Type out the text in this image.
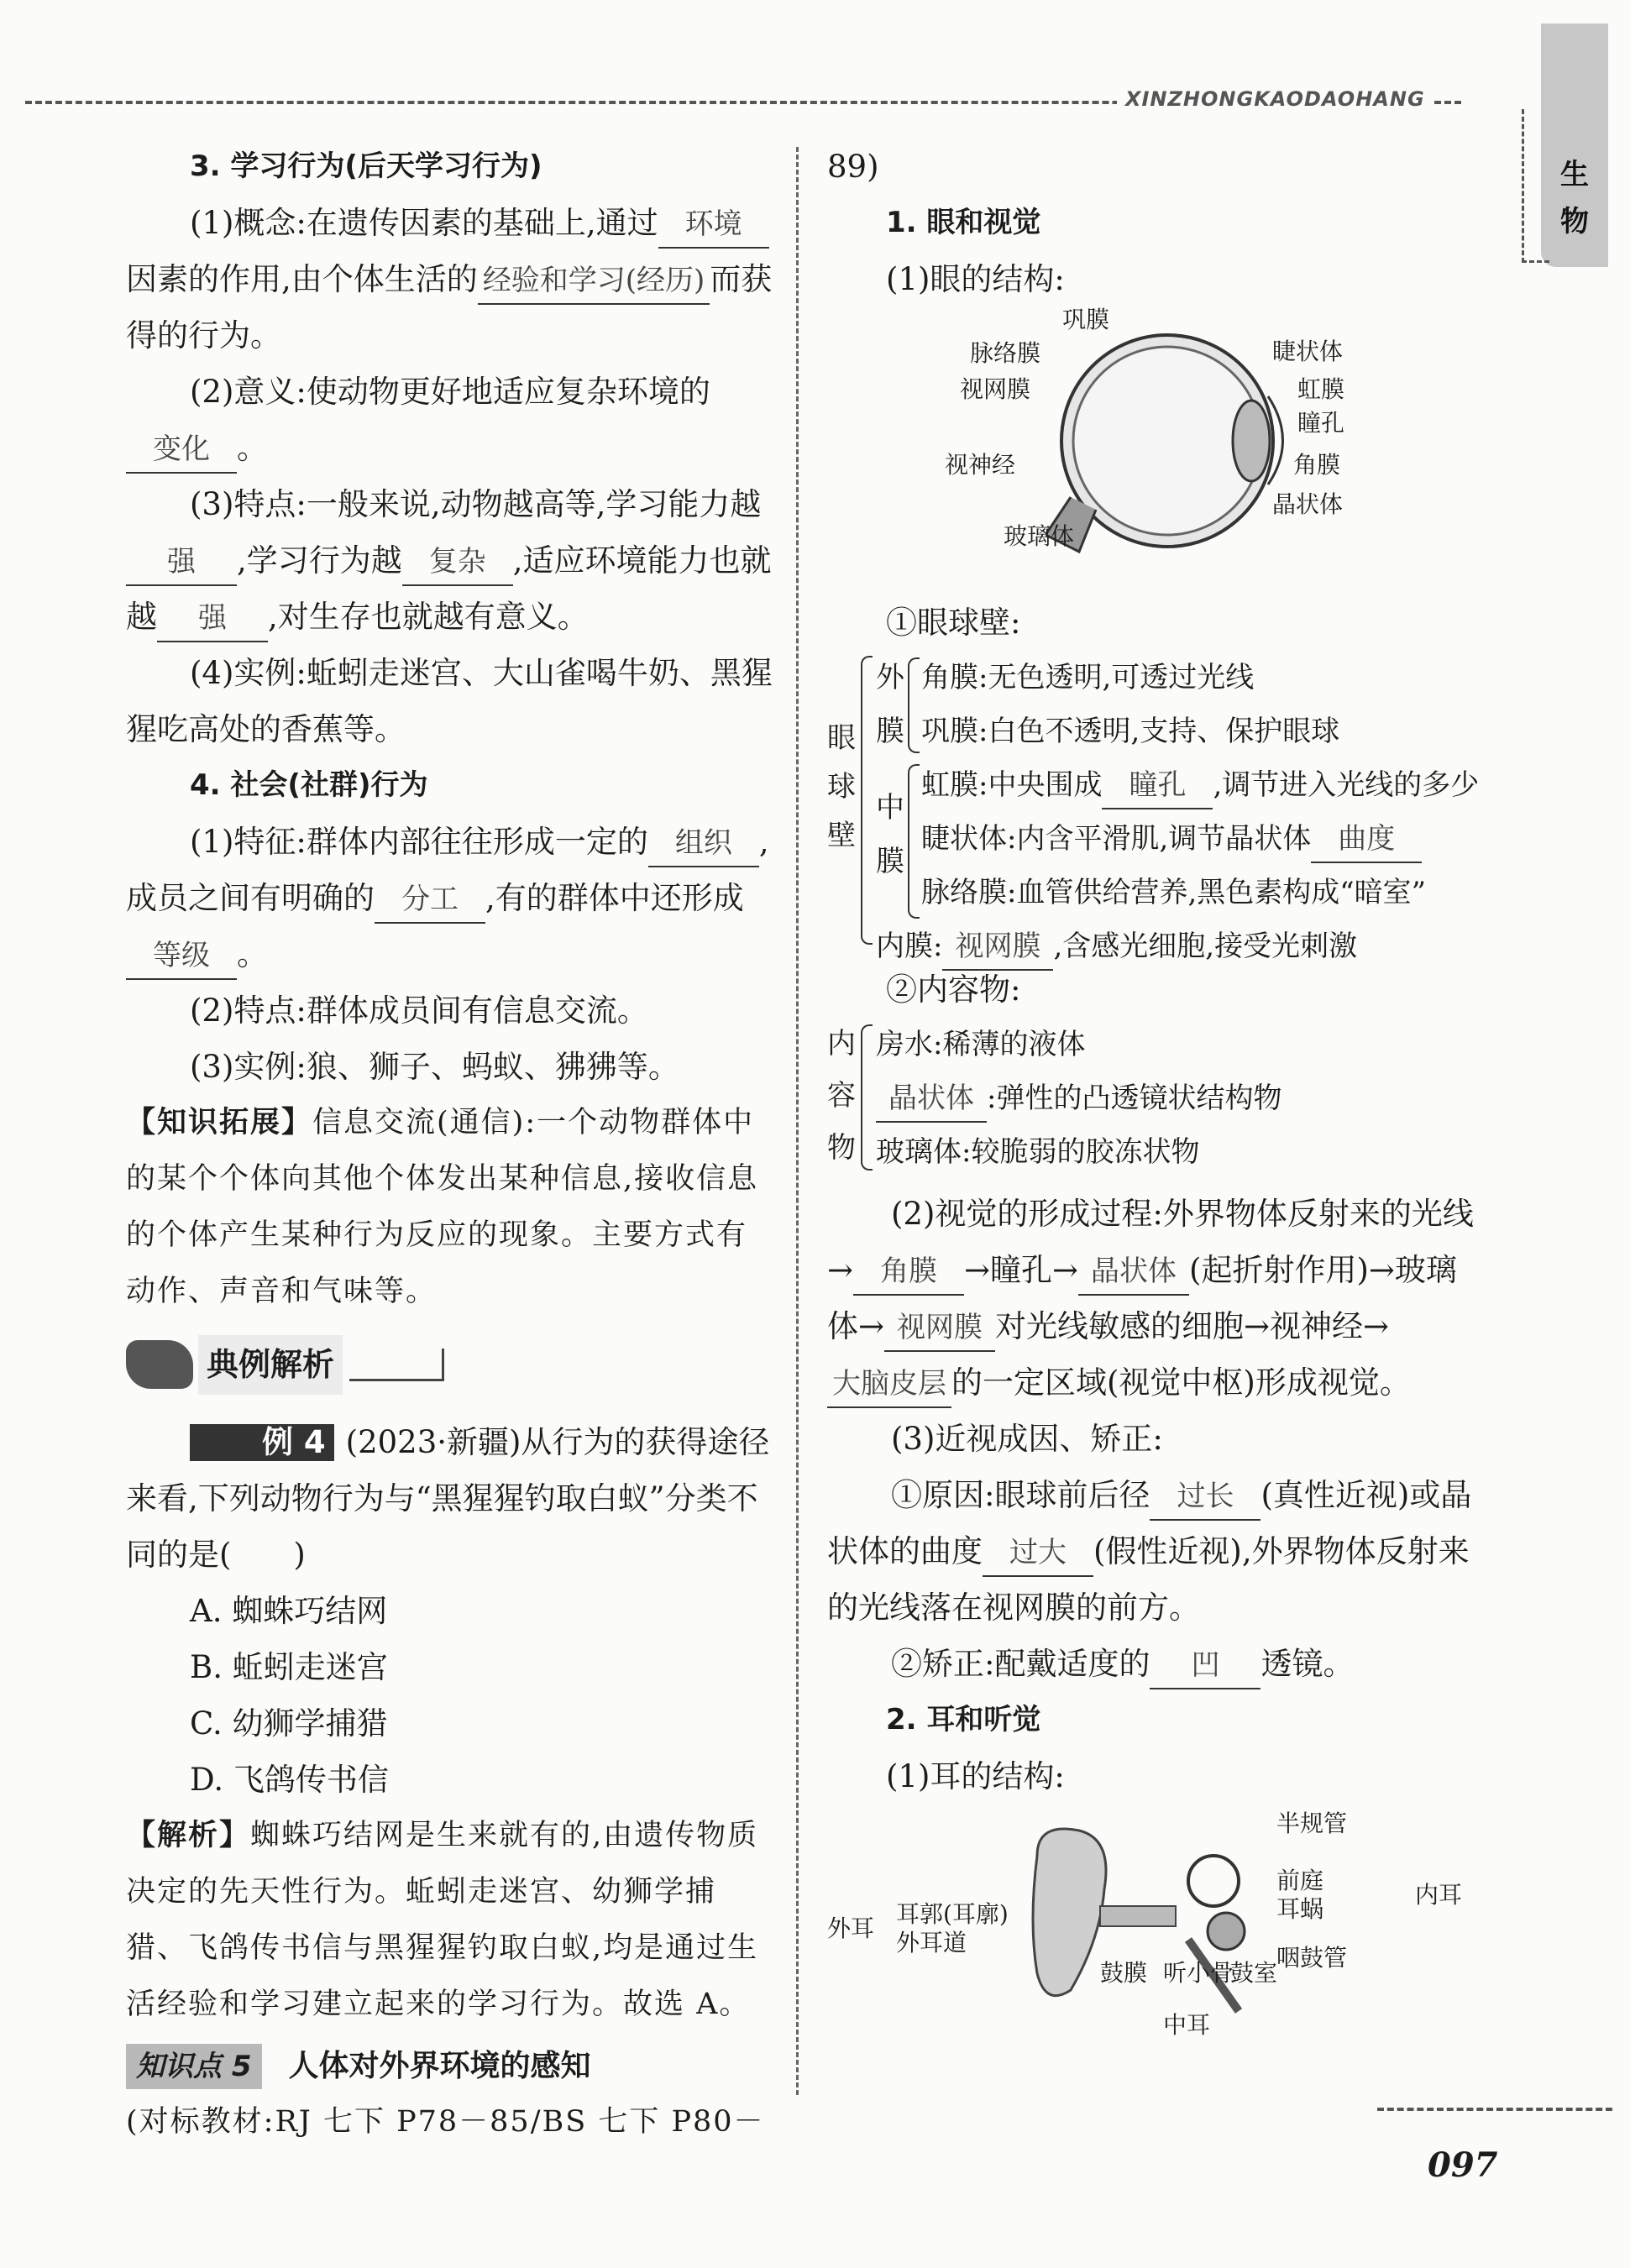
XINZHONGKAODAOHANG
生物

3. 学习行为(后天学习行为)

(1)概念:在遗传因素的基础上,通过 环境因素的作用,由个体生活的 经验和学习(经历) 而获得的行为。

(2)意义:使动物更好地适应复杂环境的变化 。

(3)特点:一般来说,动物越高等,学习能力越强 ,学习行为越 复杂 ,适应环境能力也就越 强 ,对生存也就越有意义。

(4)实例:蚯蚓走迷宫、大山雀喝牛奶、黑猩猩吃高处的香蕉等。

4. 社会(社群)行为

(1)特征:群体内部往往形成一定的 组织 ,成员之间有明确的 分工 ,有的群体中还形成等级 。

(2)特点:群体成员间有信息交流。

(3)实例:狼、狮子、蚂蚁、狒狒等。

【知识拓展】信息交流(通信):一个动物群体中的某个个体向其他个体发出某种信息,接收信息的个体产生某种行为反应的现象。主要方式有动作、声音和气味等。

典例解析

例 4 (2023·新疆)从行为的获得途径来看,下列动物行为与“黑猩猩钓取白蚁”分类不同的是(　　)

A. 蜘蛛巧结网
B. 蚯蚓走迷宫
C. 幼狮学捕猎
D. 飞鸽传书信

【解析】蜘蛛巧结网是生来就有的,由遗传物质决定的先天性行为。蚯蚓走迷宫、幼狮学捕猎、飞鸽传书信与黑猩猩钓取白蚁,均是通过生活经验和学习建立起来的学习行为。故选 A。

知识点 5	人体对外界环境的感知

(对标教材:RJ 七下 P78－85/BS 七下 P80－

89)

1. 眼和视觉

(1)眼的结构:

巩膜
脉络膜
视网膜
视神经
玻璃体
睫状体
虹膜
瞳孔
角膜
晶状体

①眼球壁:

眼球壁
外膜
角膜:无色透明,可透过光线
巩膜:白色不透明,支持、保护眼球
中膜
虹膜:中央围成 瞳孔 ,调节进入光线的多少
睫状体:内含平滑肌,调节晶状体 曲度
脉络膜:血管供给营养,黑色素构成“暗室”
内膜: 视网膜 ,含感光细胞,接受光刺激

②内容物:

内容物
房水:稀薄的液体
晶状体 :弹性的凸透镜状结构物
玻璃体:较脆弱的胶冻状物

(2)视觉的形成过程:外界物体反射来的光线→ 角膜 →瞳孔→ 晶状体 (起折射作用)→玻璃体→ 视网膜 对光线敏感的细胞→视神经→大脑皮层 的一定区域(视觉中枢)形成视觉。

(3)近视成因、矫正:

①原因:眼球前后径 过长 (真性近视)或晶状体的曲度 过大 (假性近视),外界物体反射来的光线落在视网膜的前方。

②矫正:配戴适度的 凹 透镜。

2. 耳和听觉

(1)耳的结构:

外耳
耳郭(耳廓)
外耳道
半规管
前庭
耳蜗
咽鼓管
内耳
鼓膜 听小骨
鼓室
中耳
097
